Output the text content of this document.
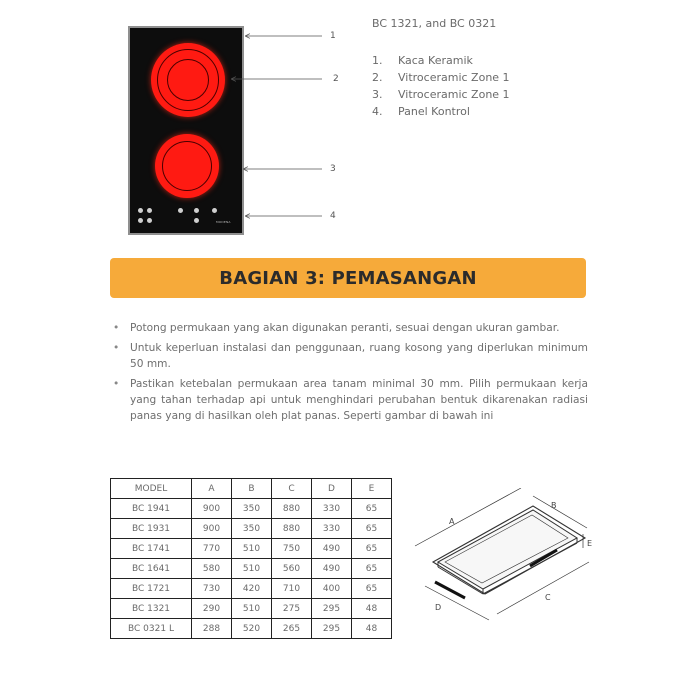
MODENA
1
2
3
4
BC 1321, and BC 0321
1.	Kaca Keramik
2.	Vitroceramic Zone 1
3.	Vitroceramic Zone 1
4.	Panel Kontrol
BAGIAN 3: PEMASANGAN
• Potong permukaan yang akan digunakan peranti, sesuai dengan ukuran gambar.
• Untuk keperluan instalasi dan penggunaan, ruang kosong yang diperlukan minimum 50 mm.
• Pastikan ketebalan permukaan area tanam minimal 30 mm. Pilih permukaan kerja yang tahan terhadap api untuk menghindari perubahan bentuk dikarenakan radiasi panas yang di hasilkan oleh plat panas. Seperti gambar di bawah ini
MODEL	A	B	C	D	E
BC 1941	900	350	880	330	65
BC 1931	900	350	880	330	65
BC 1741	770	510	750	490	65
BC 1641	580	510	560	490	65
BC 1721	730	420	710	400	65
BC 1321	290	510	275	295	48
BC 0321 L	288	520	265	295	48
A
B
C
D
E
